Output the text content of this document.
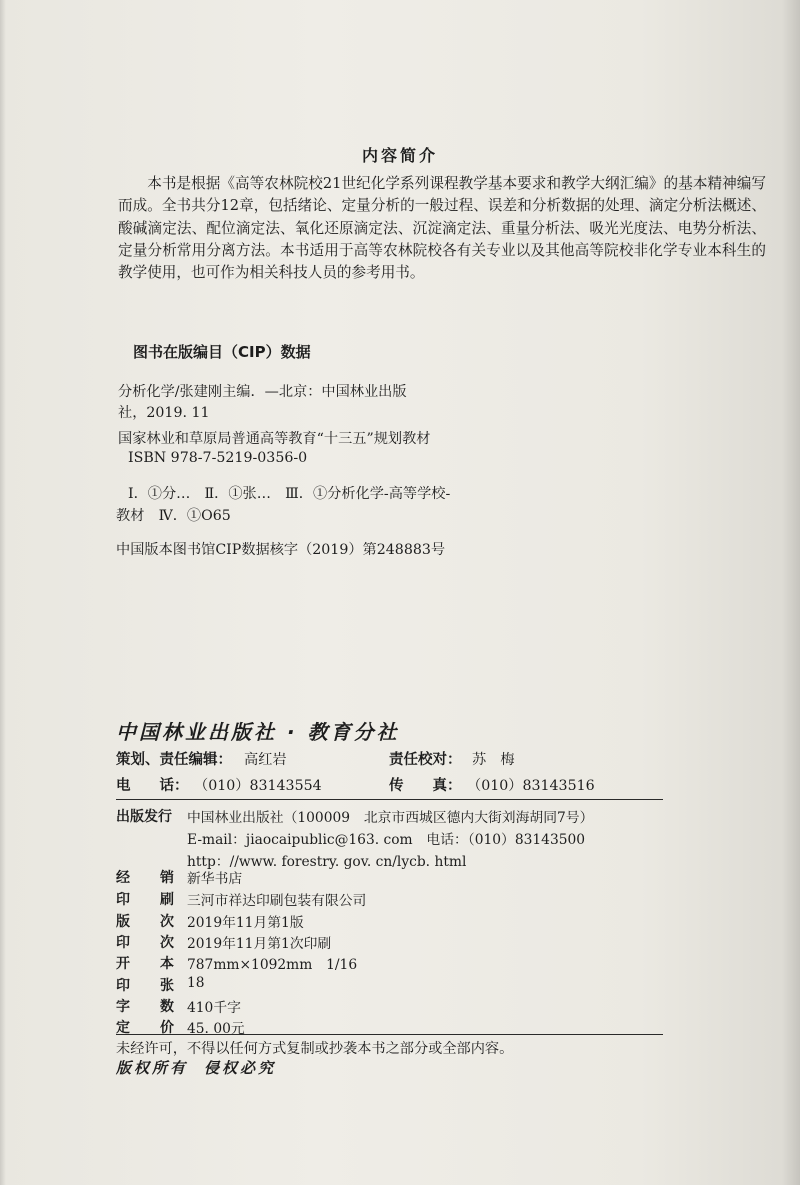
内容简介

本书是根据《高等农林院校21世纪化学系列课程教学基本要求和教学大纲汇编》的基本精神编写而成。全书共分12章，包括绪论、定量分析的一般过程、误差和分析数据的处理、滴定分析法概述、酸碱滴定法、配位滴定法、氧化还原滴定法、沉淀滴定法、重量分析法、吸光光度法、电势分析法、定量分析常用分离方法。本书适用于高等农林院校各有关专业以及其他高等院校非化学专业本科生的教学使用，也可作为相关科技人员的参考用书。

图书在版编目（CIP）数据
分析化学/张建刚主编．—北京：中国林业出版
社，2019. 11
国家林业和草原局普通高等教育“十三五”规划教材
ISBN 978-7-5219-0356-0
Ⅰ．①分…　Ⅱ．①张…　Ⅲ．①分析化学-高等学校-
教材　Ⅳ．①O65
中国版本图书馆CIP数据核字（2019）第248883号
中国林业出版社 · 教育分社
策划、责任编辑： 高红岩	责任校对： 苏　梅
电　　话： （010）83143554	传　　真： （010）83143516
出版发行 中国林业出版社（100009　北京市西城区德内大街刘海胡同7号）
E-mail：jiaocaipublic@163. com　电话：（010）83143500
http：//www. forestry. gov. cn/lycb. html
经 销 新华书店
印 刷 三河市祥达印刷包装有限公司
版 次 2019年11月第1版
印 次 2019年11月第1次印刷
开 本 787mm×1092mm　1/16
印 张 18
字 数 410千字
定 价 45. 00元
未经许可，不得以任何方式复制或抄袭本书之部分或全部内容。
版权所有 侵权必究
